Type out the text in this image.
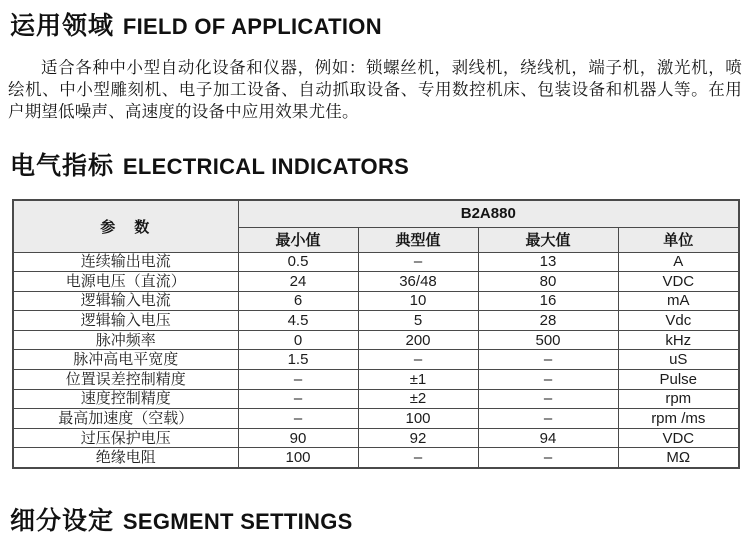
运用领域 FIELD OF APPLICATION

适合各种中小型自动化设备和仪器，例如：锁螺丝机，剥线机，绕线机，端子机，激光机，喷绘机、中小型雕刻机、电子加工设备、自动抓取设备、专用数控机床、包装设备和机器人等。在用户期望低噪声、高速度的设备中应用效果尤佳。

电气指标 ELECTRICAL INDICATORS
参　数	B2A880			
	最小值	典型值	最大值	单位
连续输出电流	0.5	–	13	A
电源电压（直流）	24	36/48	80	VDC
逻辑输入电流	6	10	16	mA
逻辑输入电压	4.5	5	28	Vdc
脉冲频率	0	200	500	kHz
脉冲高电平宽度	1.5	–	–	uS
位置误差控制精度	–	±1	–	Pulse
速度控制精度	–	±2	–	rpm
最高加速度（空载）	–	100	–	rpm /ms
过压保护电压	90	92	94	VDC
绝缘电阻	100	–	–	MΩ
细分设定 SEGMENT SETTINGS
